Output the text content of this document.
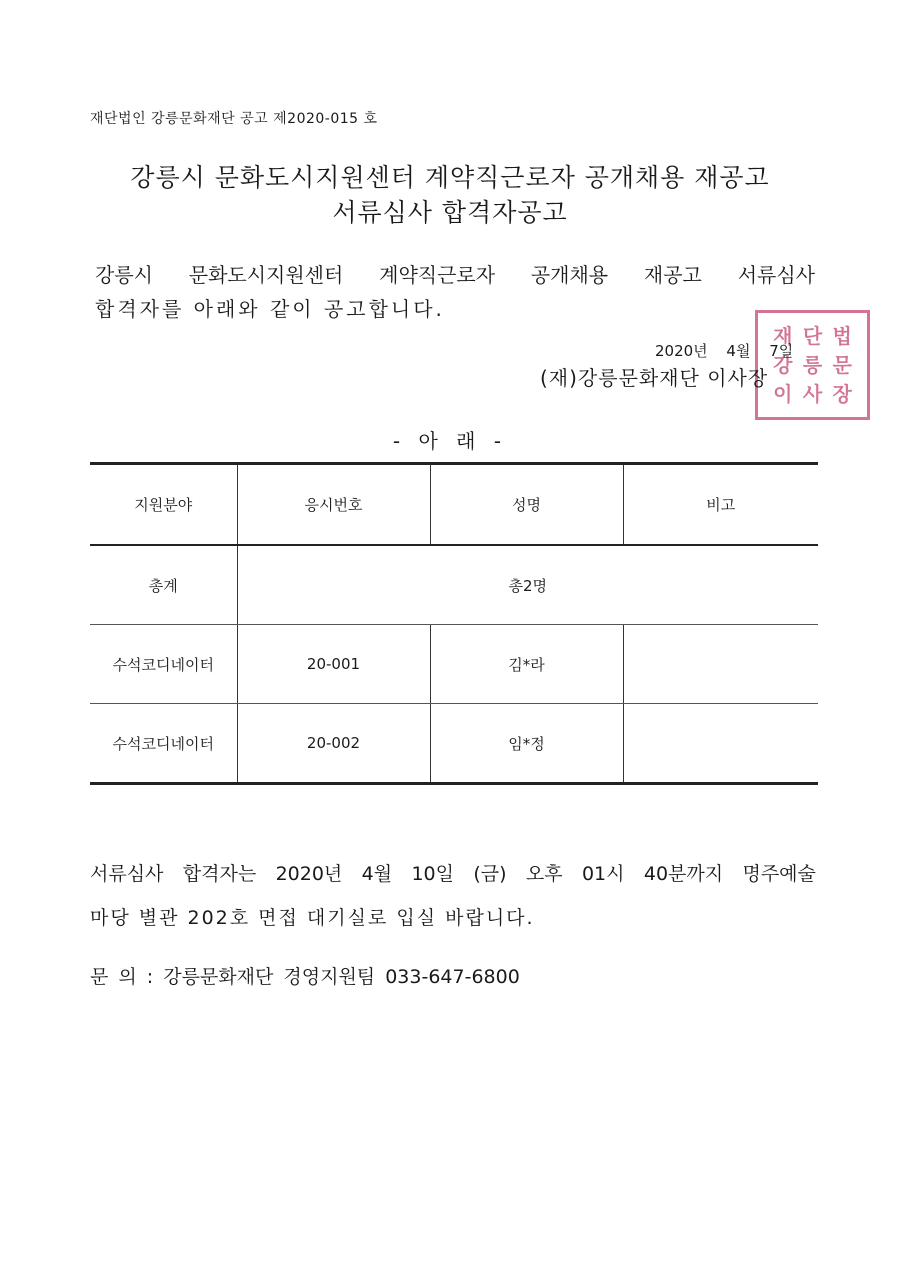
재단법인 강릉문화재단 공고 제2020-015 호
강릉시 문화도시지원센터 계약직근로자 공개채용 재공고
서류심사 합격자공고
강릉시 문화도시지원센터 계약직근로자 공개채용 재공고 서류심사
합격자를 아래와 같이 공고합니다.
재 단 법
강 릉 문
이 사 장
2020년 4월 7일
(재)강릉문화재단 이사장
- 아 래 -
지원분야	응시번호	성명	비고
총계	총2명		
수석코디네이터	20-001	김*라	
수석코디네이터	20-002	임*정	
서류심사 합격자는 2020년 4월 10일 (금) 오후 01시 40분까지 명주예술
마당 별관 202호 면접 대기실로 입실 바랍니다.
문 의 : 강릉문화재단 경영지원팀 033-647-6800
